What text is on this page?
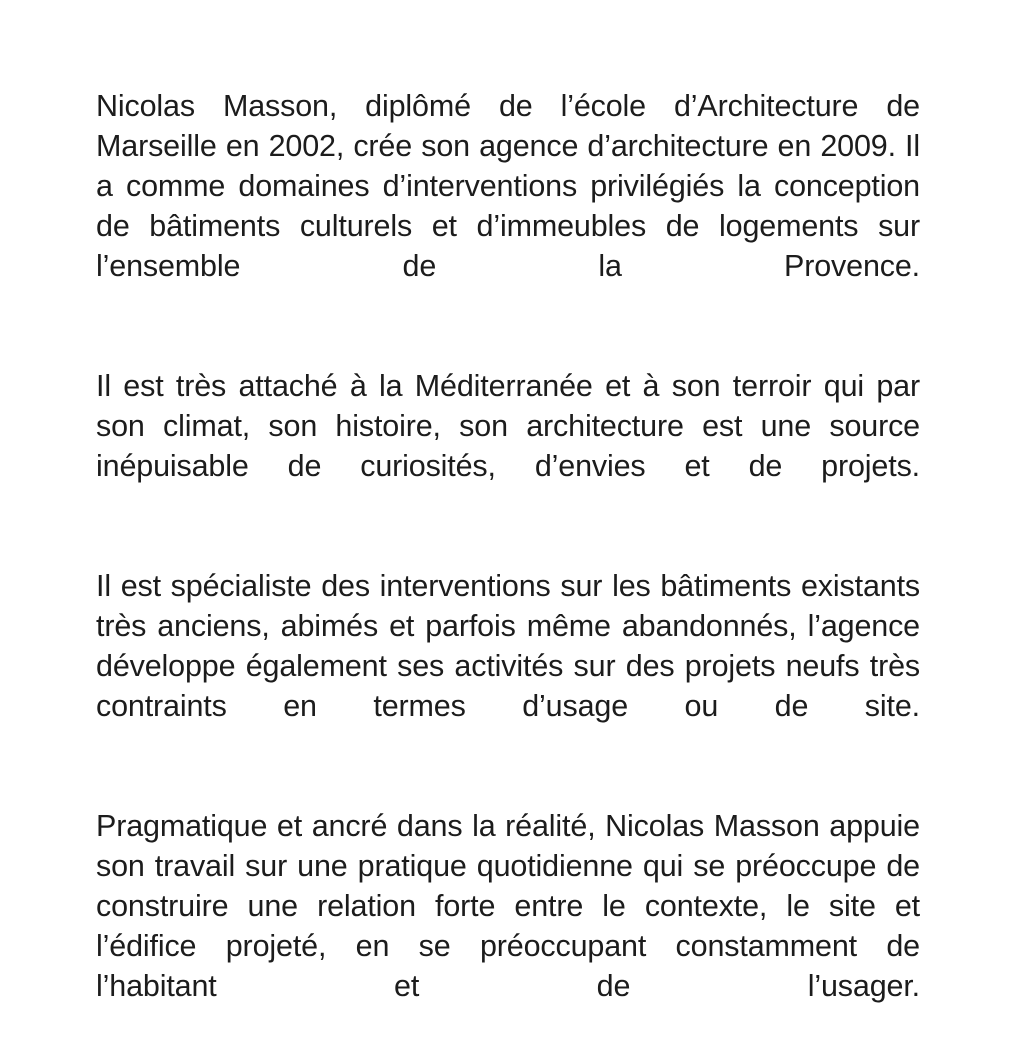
Nicolas Masson, diplômé de l’école d’Architecture de Marseille en 2002, crée son agence d’architecture en 2009. Il a comme domaines d’interventions privilégiés la conception de bâtiments culturels et d’immeubles de logements sur l’ensemble de la Provence.

Il est très attaché à la Méditerranée et à son terroir qui par son climat, son histoire, son architecture est une source inépuisable de curiosités, d’envies et de projets.

Il est spécialiste des interventions sur les bâtiments existants très anciens, abimés et parfois même abandonnés, l’agence développe également ses activités sur des projets neufs très contraints en termes d’usage ou de site.

Pragmatique et ancré dans la réalité, Nicolas Masson appuie son travail sur une pratique quotidienne qui se préoccupe de construire une relation forte entre le contexte, le site et l’édifice projeté, en se préoccupant constamment de l’habitant et de l’usager.
